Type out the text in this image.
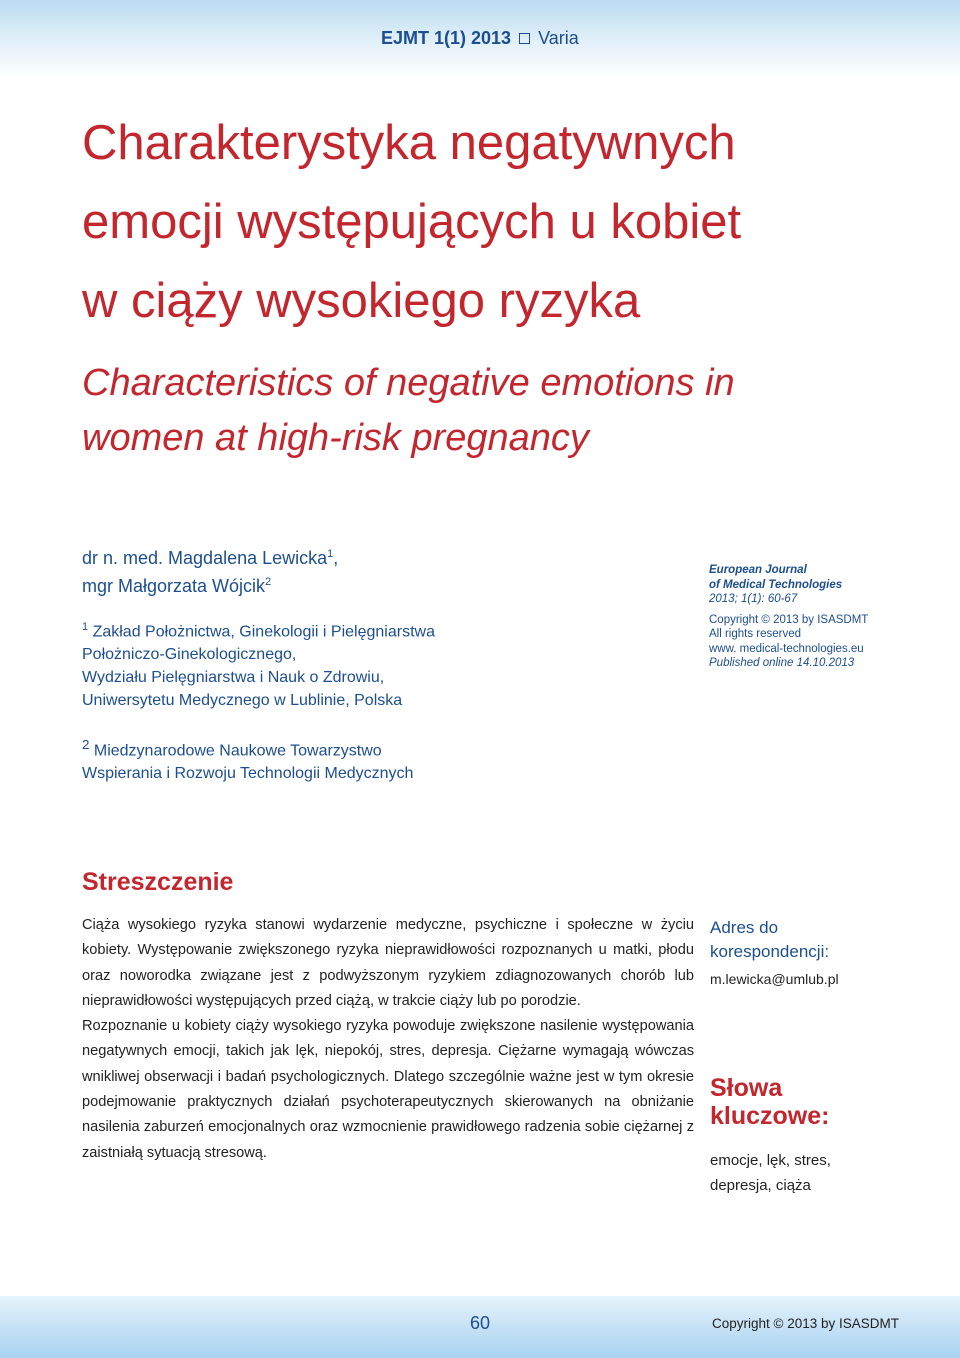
EJMT 1(1) 2013 Varia
Charakterystyka negatywnych
emocji występujących u kobiet
w ciąży wysokiego ryzyka
Characteristics of negative emotions in
women at high-risk pregnancy
dr n. med. Magdalena Lewicka$^1$,
mgr Małgorzata Wójcik$^2$
$^1$ Zakład Położnictwa, Ginekologii i Pielęgniarstwa
Położniczo-Ginekologicznego,
Wydziału Pielęgniarstwa i Nauk o Zdrowiu,
Uniwersytetu Medycznego w Lublinie, Polska
$^2$ Miedzynarodowe Naukowe Towarzystwo
Wspierania i Rozwoju Technologii Medycznych
European Journal
of Medical Technologies
2013; 1(1): 60-67
Copyright © 2013 by ISASDMT
All rights reserved
www. medical-technologies.eu
Published online 14.10.2013
Streszczenie

Ciąża wysokiego ryzyka stanowi wydarzenie medyczne, psychiczne i społeczne w życiu kobiety. Występowanie zwiększonego ryzyka nieprawidłowości rozpoznanych u matki, płodu oraz noworodka związane jest z podwyższonym ryzykiem zdiagnozowanych chorób lub nieprawidłowości występujących przed ciążą, w trakcie ciąży lub po porodzie.

Rozpoznanie u kobiety ciąży wysokiego ryzyka powoduje zwiększone nasilenie występowania negatywnych emocji, takich jak lęk, niepokój, stres, depresja. Ciężarne wymagają wówczas wnikliwej obserwacji i badań psychologicznych. Dlatego szczególnie ważne jest w tym okresie podejmowanie praktycznych działań psychoterapeutycznych skierowanych na obniżanie nasilenia zaburzeń emocjonalnych oraz wzmocnienie prawidłowego radzenia sobie ciężarnej z zaistniałą sytuacją stresową.

Adres do
korespondencji:
m.lewicka@umlub.pl
Słowa
kluczowe:
emocje, lęk, stres,
depresja, ciąża
60	Copyright © 2013 by ISASDMT
